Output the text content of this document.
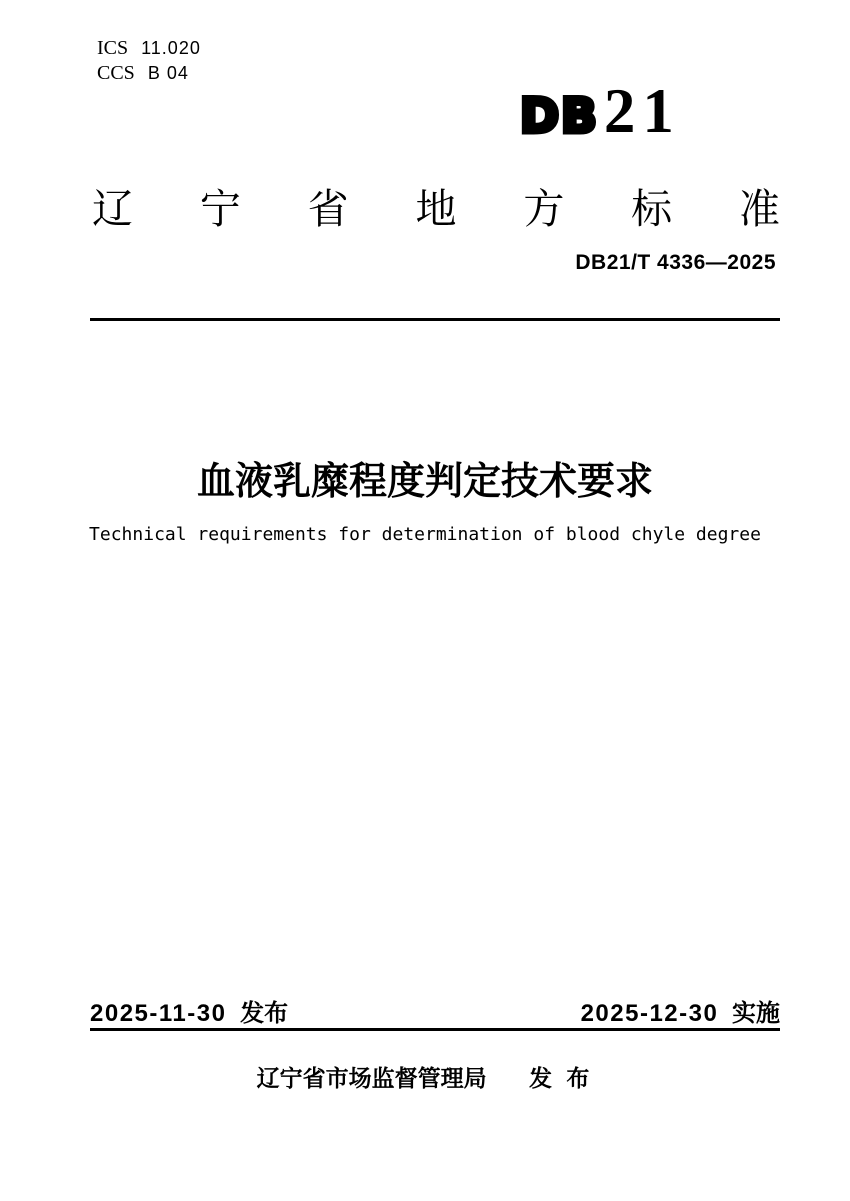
ICS 11.020
CCS B 04
DB 21
辽 宁 省 地 方 标 准
DB21/T 4336—2025
血液乳糜程度判定技术要求
Technical requirements for determination of blood chyle degree
2025-11-30 发布	2025-12-30 实施
辽宁省市场监督管理局 发 布
